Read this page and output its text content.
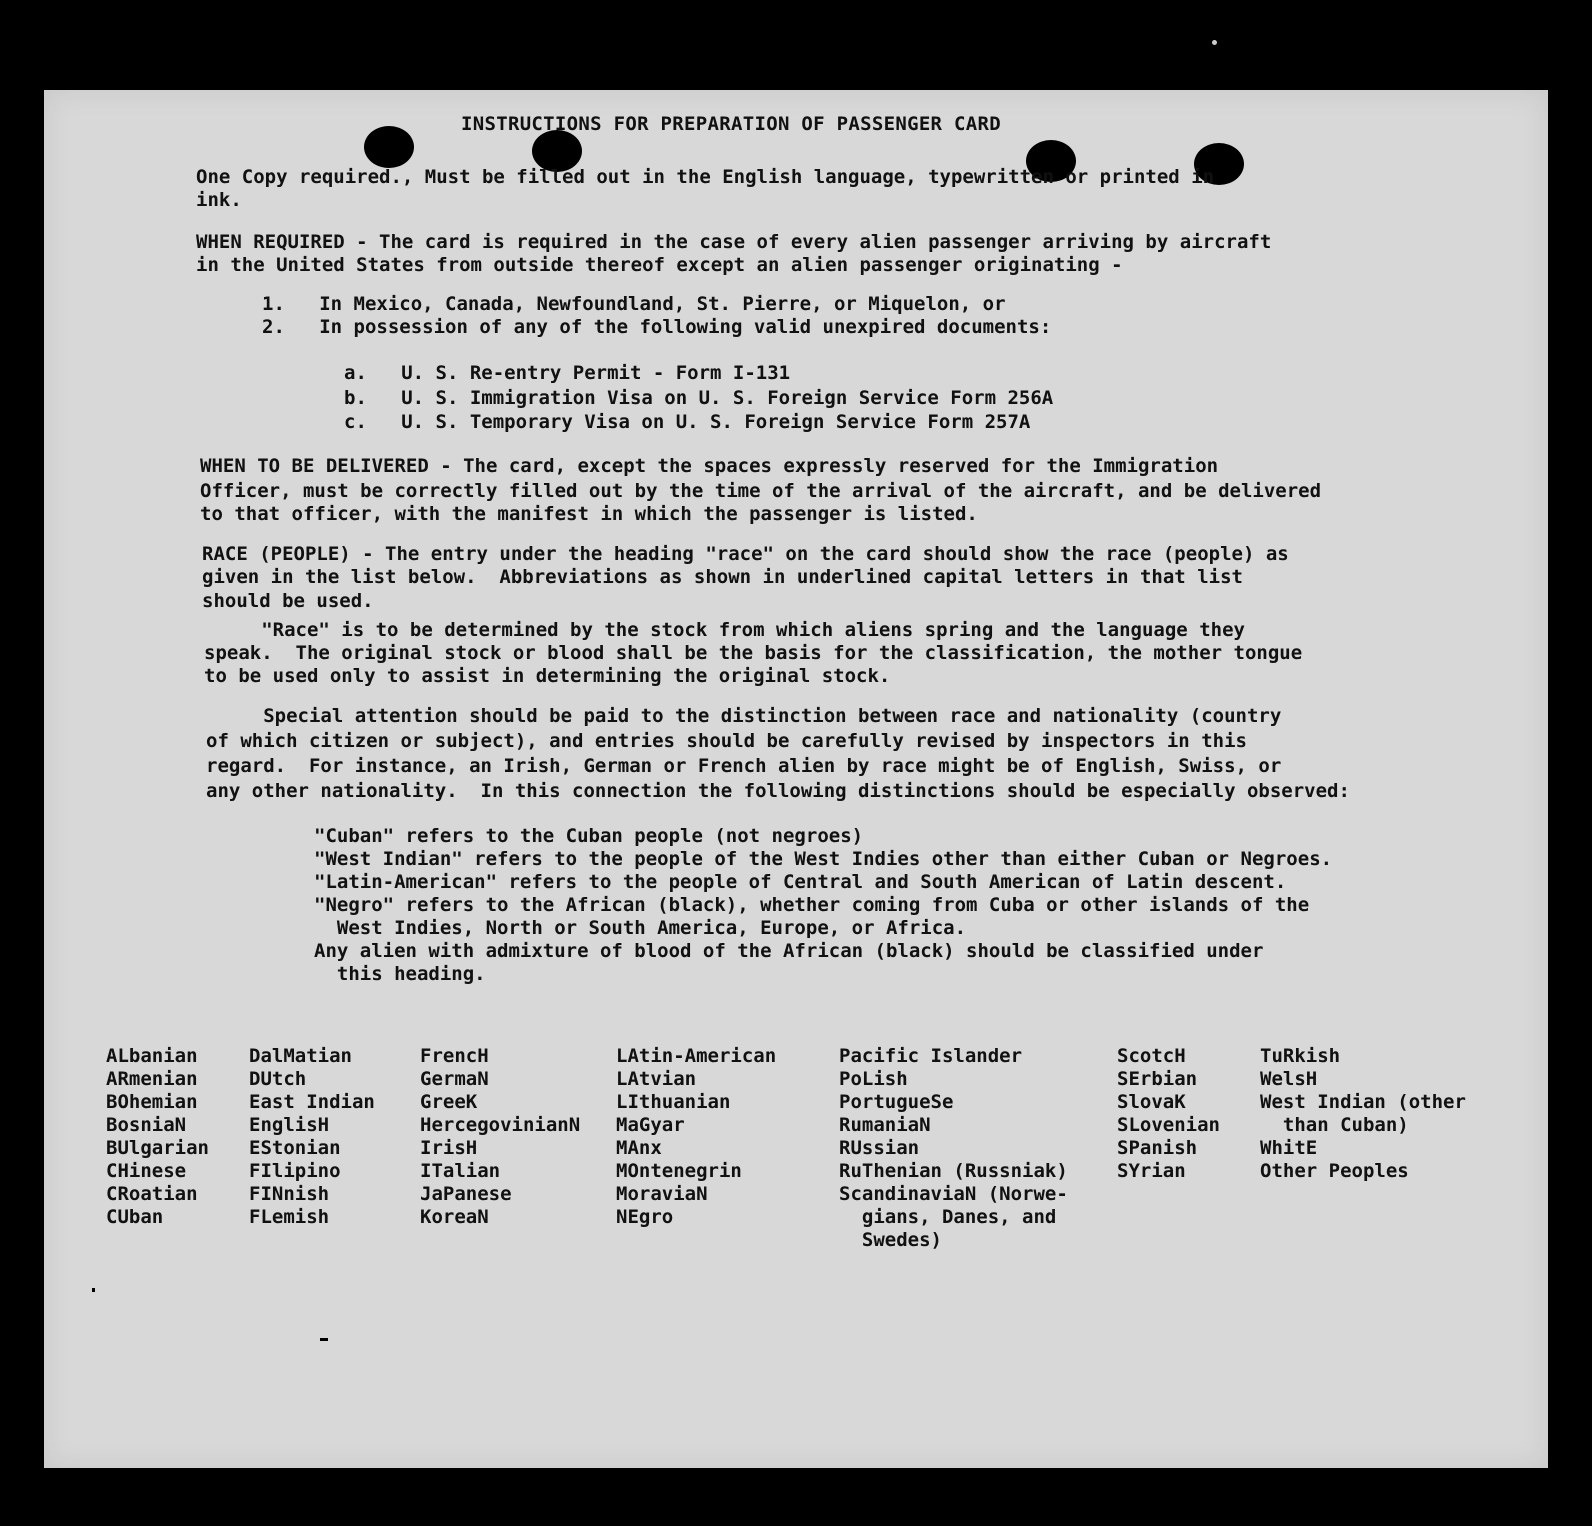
INSTRUCTIONS FOR PREPARATION OF PASSENGER CARD
One Copy required., Must be filled out in the English language, typewritten or printed in
ink.
WHEN REQUIRED - The card is required in the case of every alien passenger arriving by aircraft
in the United States from outside thereof except an alien passenger originating -
1.   In Mexico, Canada, Newfoundland, St. Pierre, or Miquelon, or
2.   In possession of any of the following valid unexpired documents:
a.   U. S. Re-entry Permit - Form I-131
b.   U. S. Immigration Visa on U. S. Foreign Service Form 256A
c.   U. S. Temporary Visa on U. S. Foreign Service Form 257A
WHEN TO BE DELIVERED - The card, except the spaces expressly reserved for the Immigration
Officer, must be correctly filled out by the time of the arrival of the aircraft, and be delivered
to that officer, with the manifest in which the passenger is listed.
RACE (PEOPLE) - The entry under the heading "race" on the card should show the race (people) as
given in the list below.  Abbreviations as shown in underlined capital letters in that list
should be used.
"Race" is to be determined by the stock from which aliens spring and the language they
speak.  The original stock or blood shall be the basis for the classification, the mother tongue
to be used only to assist in determining the original stock.
Special attention should be paid to the distinction between race and nationality (country
of which citizen or subject), and entries should be carefully revised by inspectors in this
regard.  For instance, an Irish, German or French alien by race might be of English, Swiss, or
any other nationality.  In this connection the following distinctions should be especially observed:
"Cuban" refers to the Cuban people (not negroes)
"West Indian" refers to the people of the West Indies other than either Cuban or Negroes.
"Latin-American" refers to the people of Central and South American of Latin descent.
"Negro" refers to the African (black), whether coming from Cuba or other islands of the
West Indies, North or South America, Europe, or Africa.
Any alien with admixture of blood of the African (black) should be classified under
this heading.
ALbanian
ARmenian
BOhemian
BosniaN
BUlgarian
CHinese
CRoatian
CUban
DalMatian
DUtch
East Indian
EnglisH
EStonian
FIlipino
FINnish
FLemish
FrencH
GermaN
GreeK
HercegovinianN
IrisH
ITalian
JaPanese
KoreaN
LAtin-American
LAtvian
LIthuanian
MaGyar
MAnx
MOntenegrin
MoraviaN
NEgro
Pacific Islander
PoLish
PortugueSe
RumaniaN
RUssian
RuThenian (Russniak)
ScandinaviaN (Norwe-
gians, Danes, and
Swedes)
ScotcH
SErbian
SlovaK
SLovenian
SPanish
SYrian
TuRkish
WelsH
West Indian (other
than Cuban)
WhitE
Other Peoples
